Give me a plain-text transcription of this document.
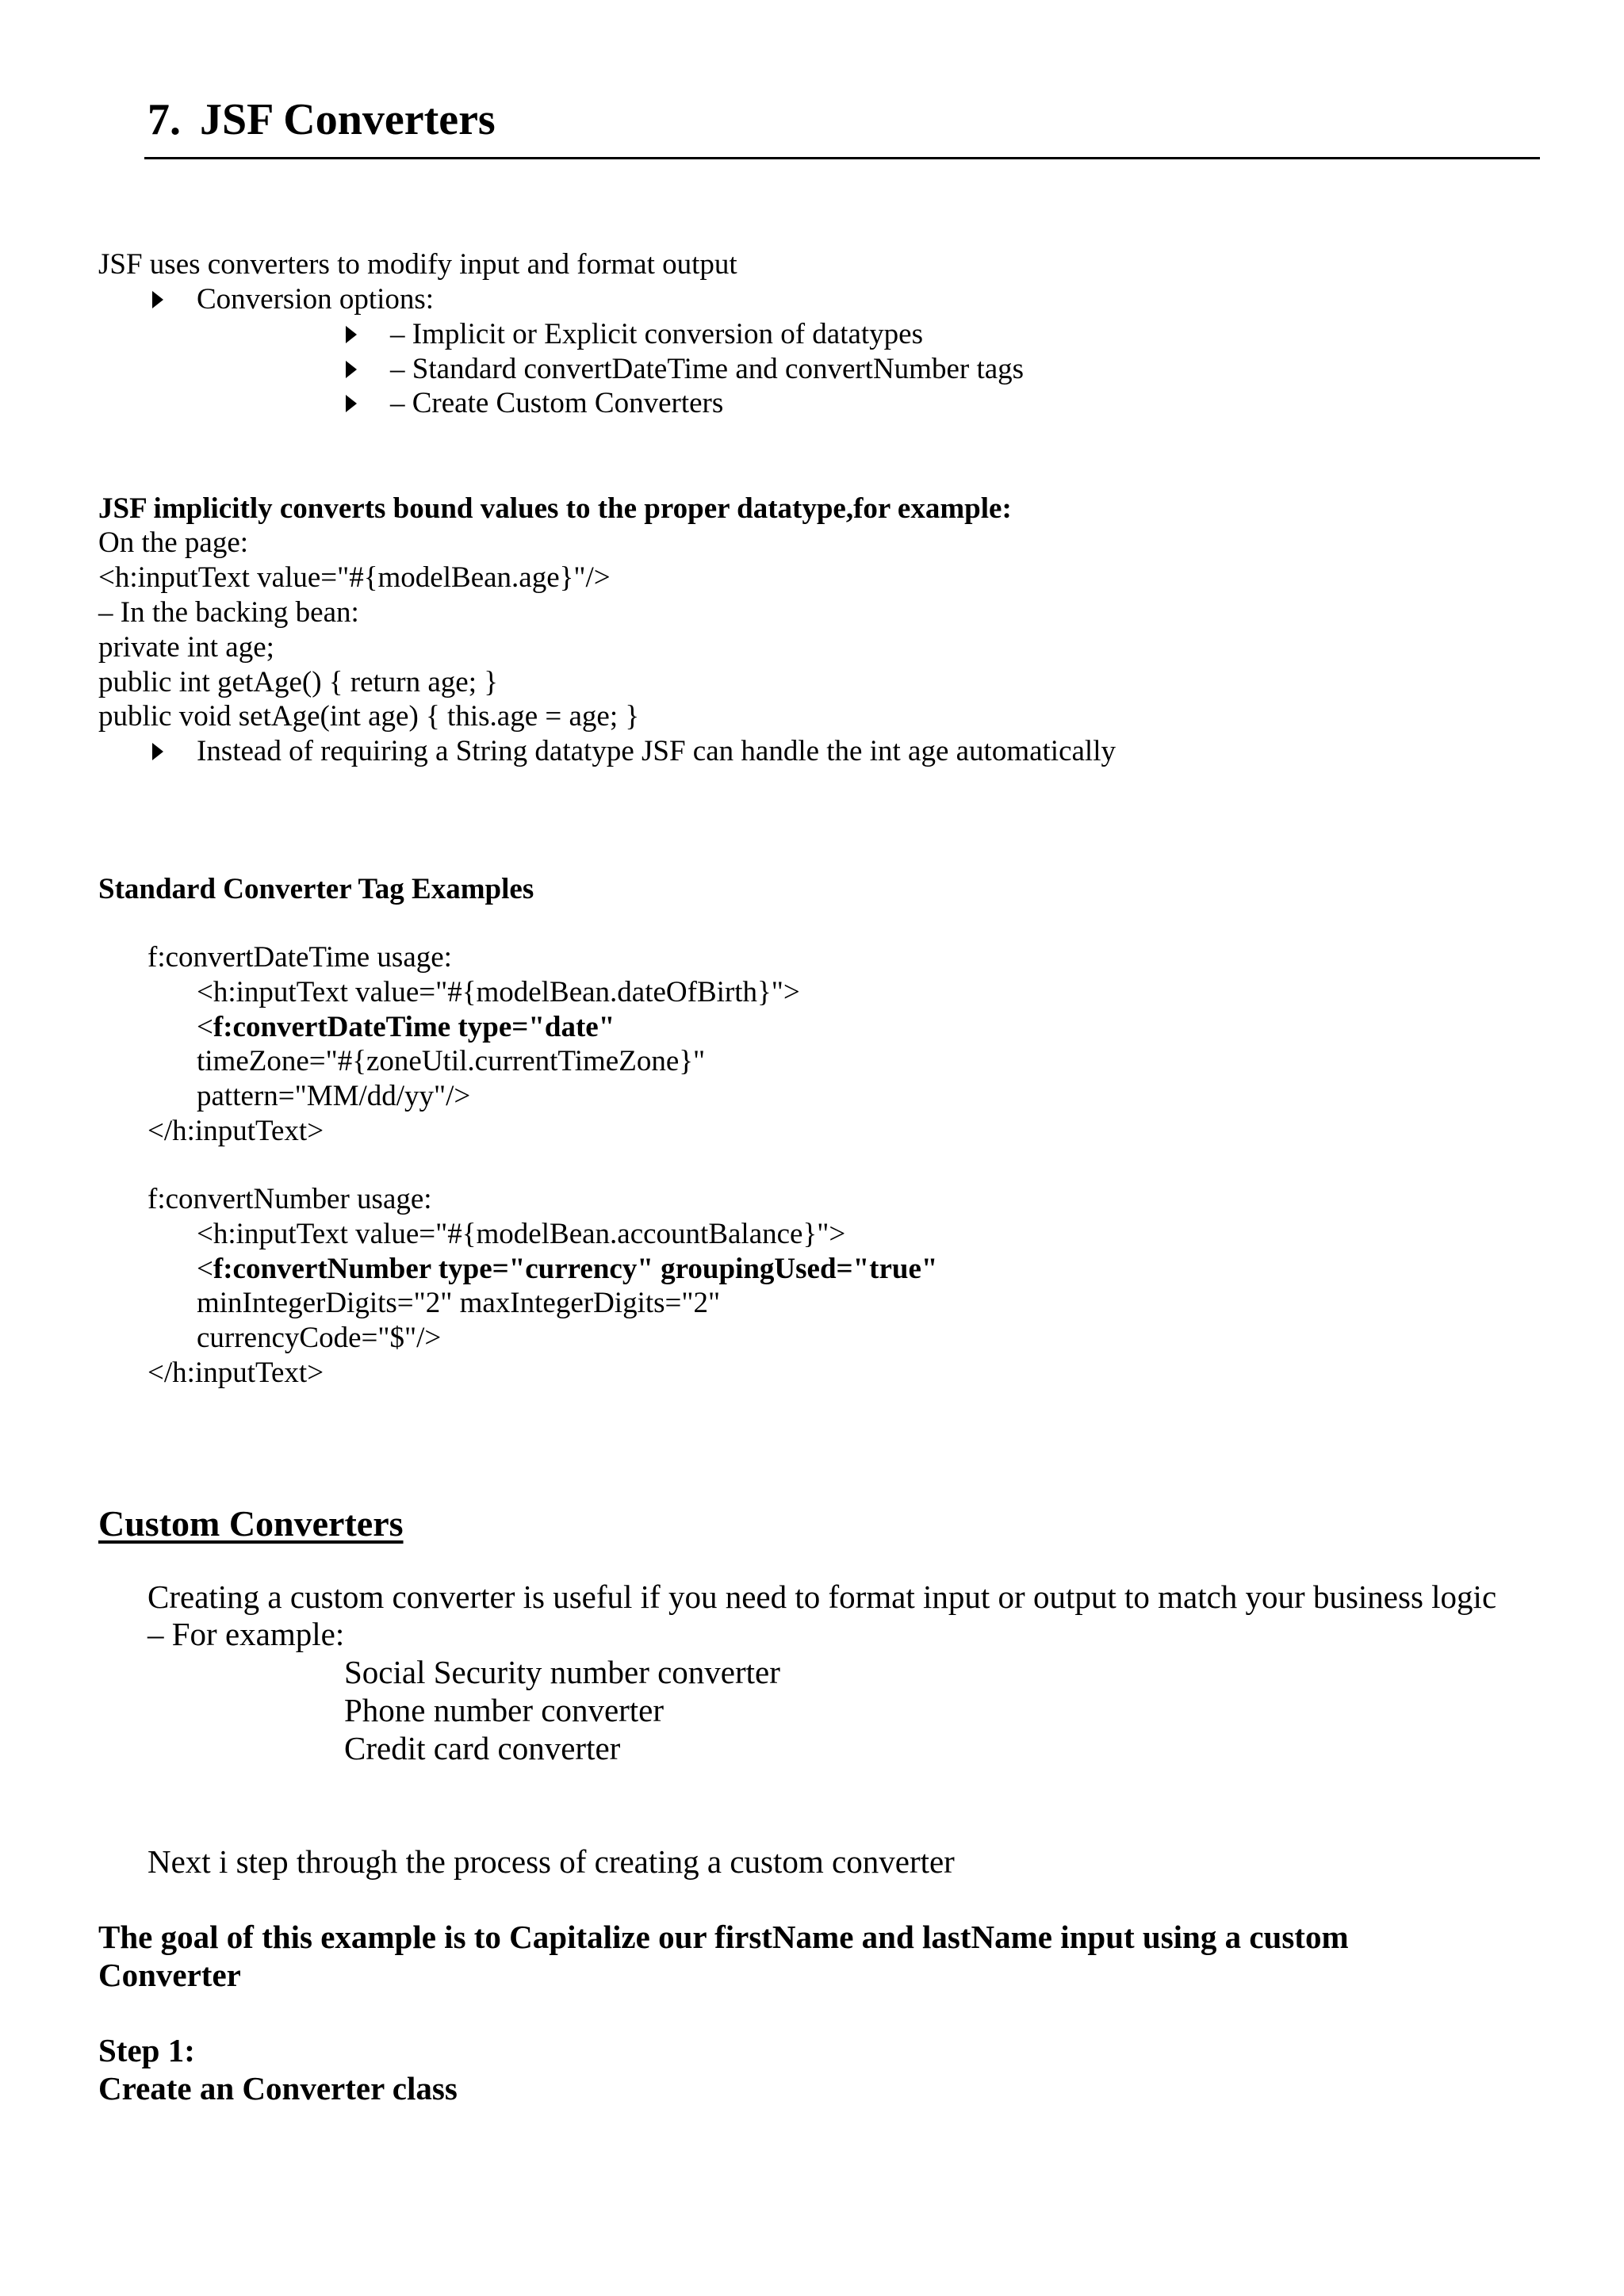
7. JSF Converters
JSF uses converters to modify input and format output
Conversion options:
– Implicit or Explicit conversion of datatypes
– Standard convertDateTime and convertNumber tags
– Create Custom Converters
JSF implicitly converts bound values to the proper datatype,for example:
On the page:
<h:inputText value="#{modelBean.age}"/>
– In the backing bean:
private int age;
public int getAge() { return age; }
public void setAge(int age) { this.age = age; }
Instead of requiring a String datatype JSF can handle the int age automatically
Standard Converter Tag Examples
f:convertDateTime usage:
<h:inputText value="#{modelBean.dateOfBirth}">
<f:convertDateTime type="date"
timeZone="#{zoneUtil.currentTimeZone}"
pattern="MM/dd/yy"/>
</h:inputText>
f:convertNumber usage:
<h:inputText value="#{modelBean.accountBalance}">
<f:convertNumber type="currency" groupingUsed="true"
minIntegerDigits="2" maxIntegerDigits="2"
currencyCode="$"/>
</h:inputText>
Custom Converters
Creating a custom converter is useful if you need to format input or output to match your business logic
– For example:
Social Security number converter
Phone number converter
Credit card converter
Next i step through the process of creating a custom converter
The goal of this example is to Capitalize our firstName and lastName input using a custom
Converter
Step 1:
Create an Converter class
